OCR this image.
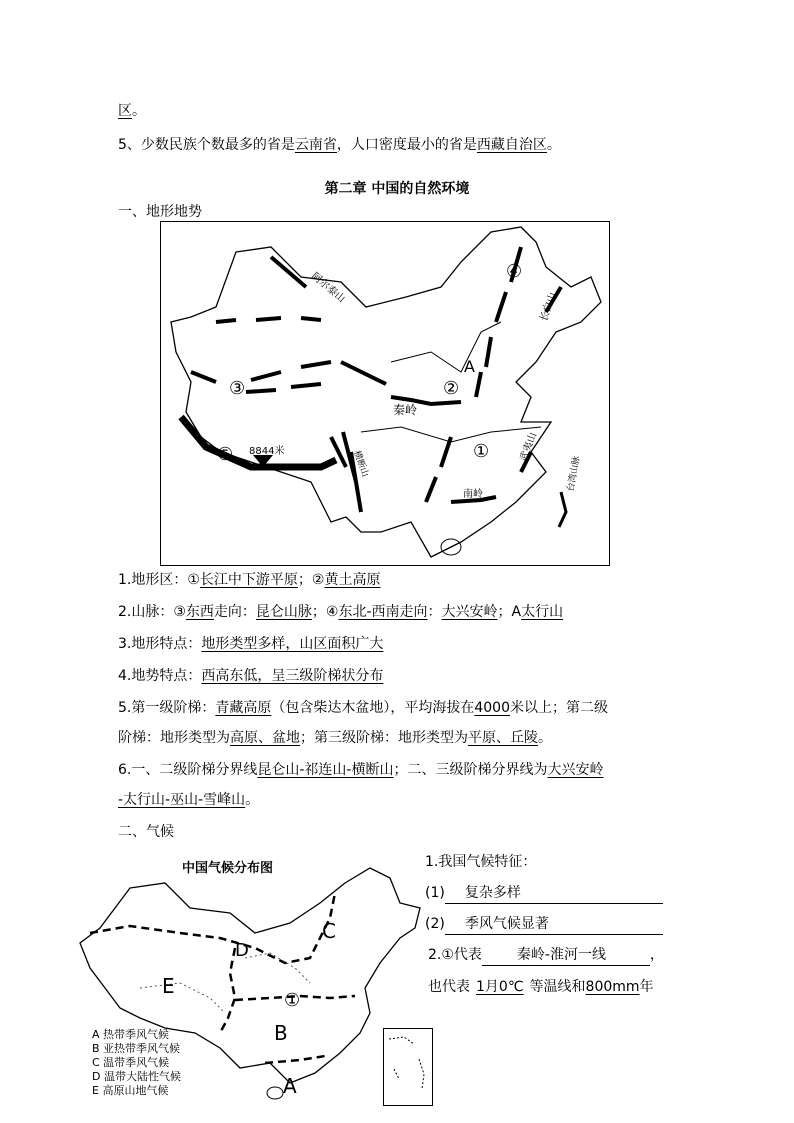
区。
5、少数民族个数最多的省是云南省，人口密度最小的省是西藏自治区。
第二章 中国的自然环境
一、地形地势
阿尔泰山
长白山
秦岭
南岭
武夷山
台湾山脉
横断山
8844米
A
①
②
③
④
⑤
1.地形区：①长江中下游平原；②黄土高原
2.山脉：③东西走向：昆仑山脉；④东北-西南走向：大兴安岭；A太行山
3.地形特点：地形类型多样，山区面积广大
4.地势特点：西高东低，呈三级阶梯状分布
5.第一级阶梯：青藏高原（包含柴达木盆地），平均海拔在4000米以上；第二级
阶梯：地形类型为高原、盆地；第三级阶梯：地形类型为平原、丘陵。
6.一、二级阶梯分界线昆仑山-祁连山-横断山；二、三级阶梯分界线为大兴安岭
-太行山-巫山-雪峰山。
二、气候
中国气候分布图
C
D
E
B
A
①
A 热带季风气候
B 亚热带季风气候
C 温带季风气候
D 温带大陆性气候
E 高原山地气候
1.我国气候特征：
(1) 复杂多样
(2) 季风气候显著
2.①代表	秦岭-淮河一线	，
也代表 1月0℃ 等温线和800mm年
